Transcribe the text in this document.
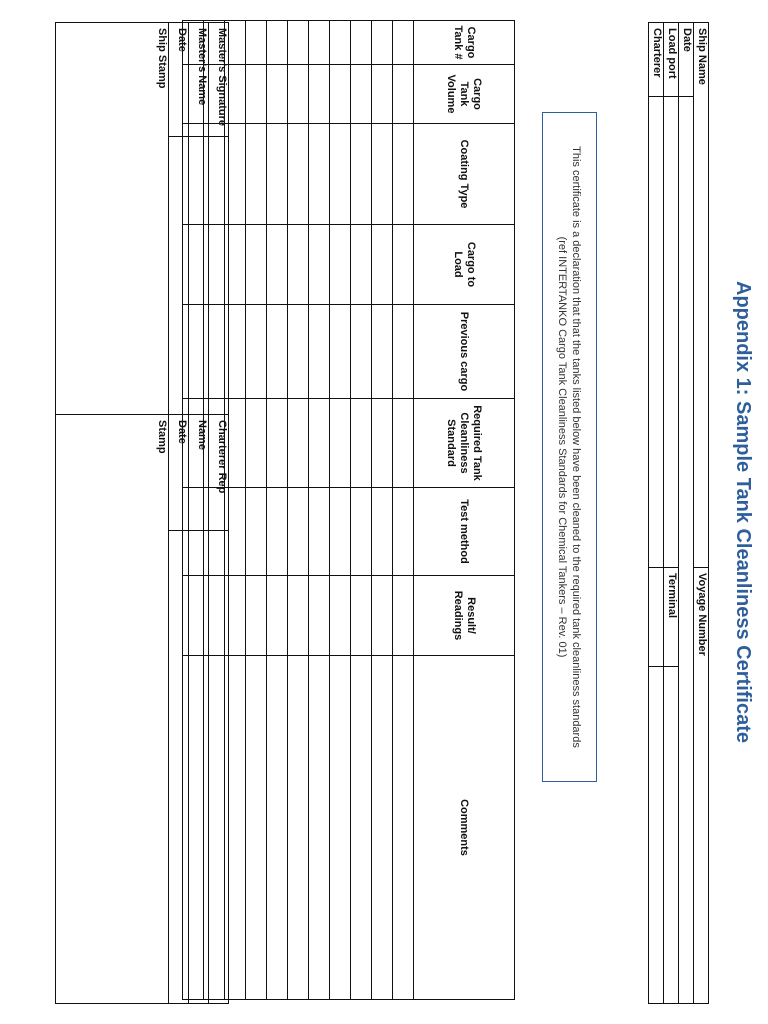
Appendix 1: Sample Tank Cleanliness Certificate
Ship Name		Voyage Number	
Date			
Load port		Terminal	
Charterer			
This certificate is a declaration that that the tanks listed below have been cleaned to the required tank cleanliness standards
(ref INTERTANKO Cargo Tank Cleanliness Standards for Chemical Tankers – Rev. 01)
Cargo Tank #	Cargo Tank Volume	Coating Type	Cargo to Load	Previous cargo	Required Tank Cleanliness Standard	Test method	Result/ Readings	Comments

Master's Signature		Charterer Rep	
Master's Name		Name	
Date		Date	
Ship Stamp		Stamp	
